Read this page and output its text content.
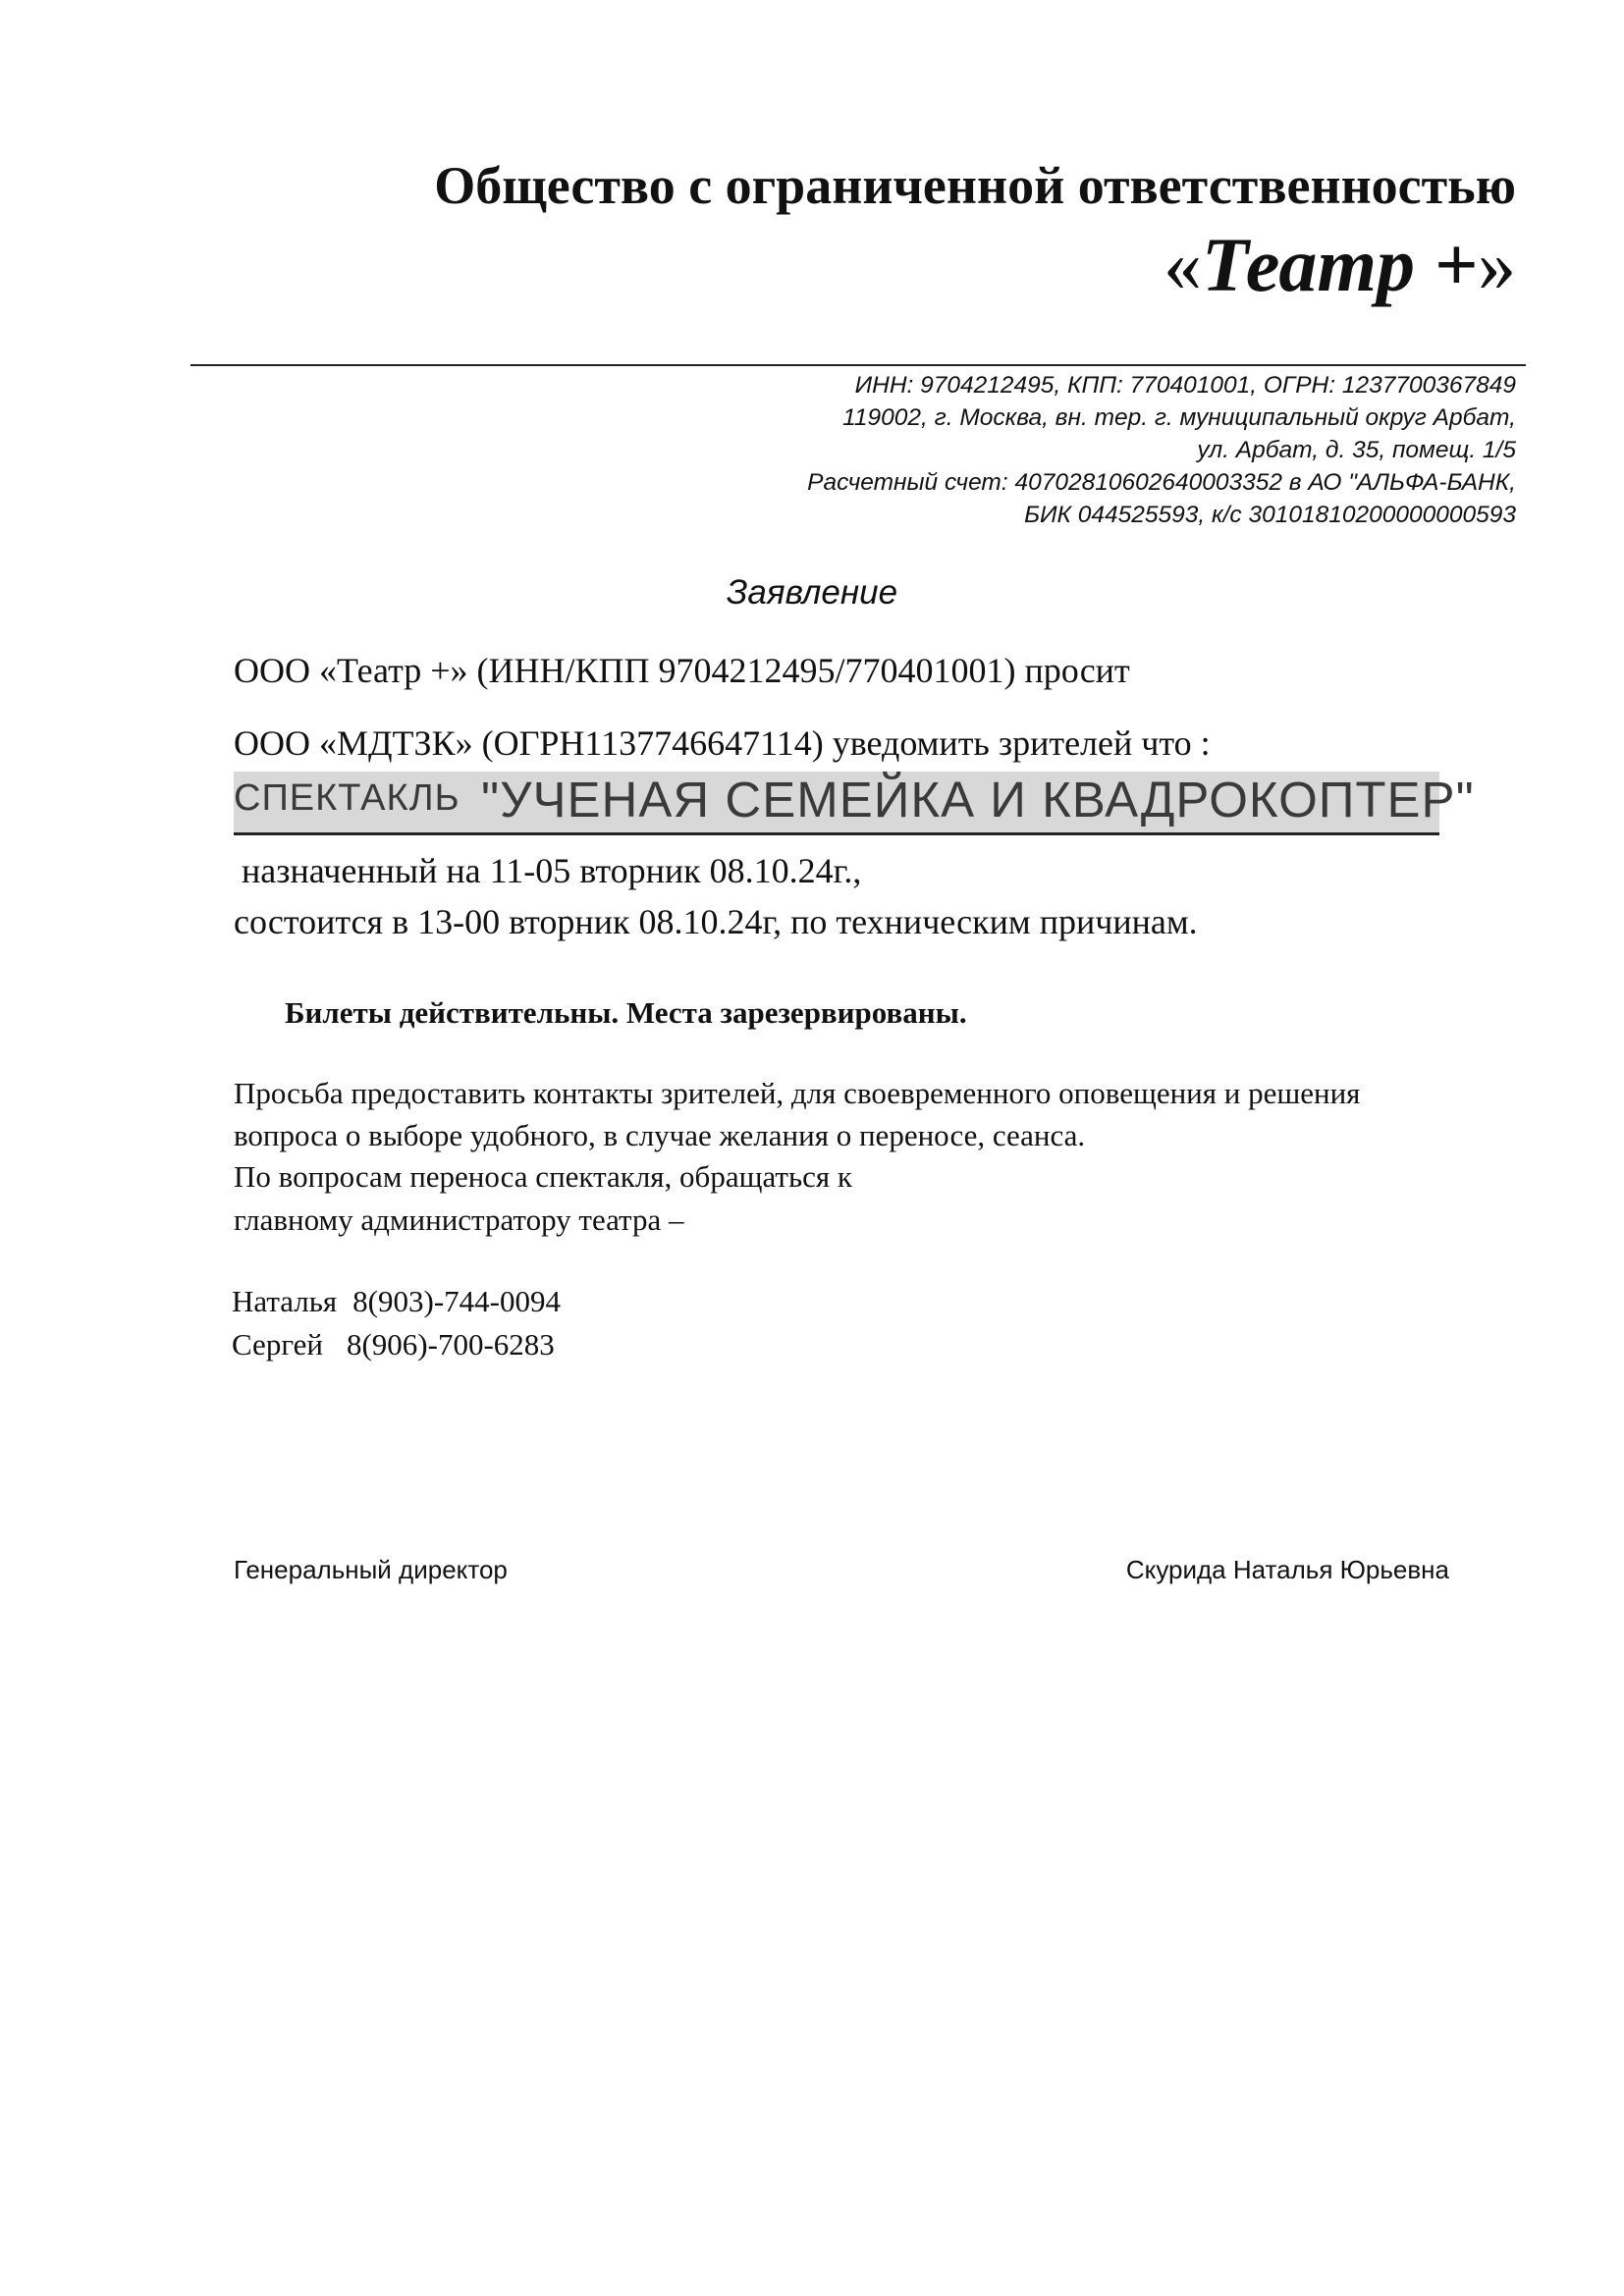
Общество с ограниченной ответственностью
«Театр +»
ИНН: 9704212495, КПП: 770401001, ОГРН: 1237700367849
119002, г. Москва, вн. тер. г. муниципальный округ Арбат,
ул. Арбат, д. 35, помещ. 1/5
Расчетный счет: 40702810602640003352 в АО "АЛЬФА-БАНК,
БИК 044525593, к/с 30101810200000000593
Заявление
ООО «Театр +» (ИНН/КПП 9704212495/770401001) просит
ООО «МДТЗК» (ОГРН1137746647114) уведомить зрителей что :
СПЕКТАКЛЬ "УЧЕНАЯ СЕМЕЙКА И КВАДРОКОПТЕР"
назначенный на 11-05 вторник 08.10.24г.,
состоится в 13-00 вторник 08.10.24г, по техническим причинам.
Билеты действительны. Места зарезервированы.
Просьба предоставить контакты зрителей, для своевременного оповещения и решения
вопроса о выборе удобного, в случае желания о переносе, сеанса.
По вопросам переноса спектакля, обращаться к
главному администратору театра –
Наталья 8(903)-744-0094
Сергей 8(906)-700-6283
Генеральный директор	Скурида Наталья Юрьевна
